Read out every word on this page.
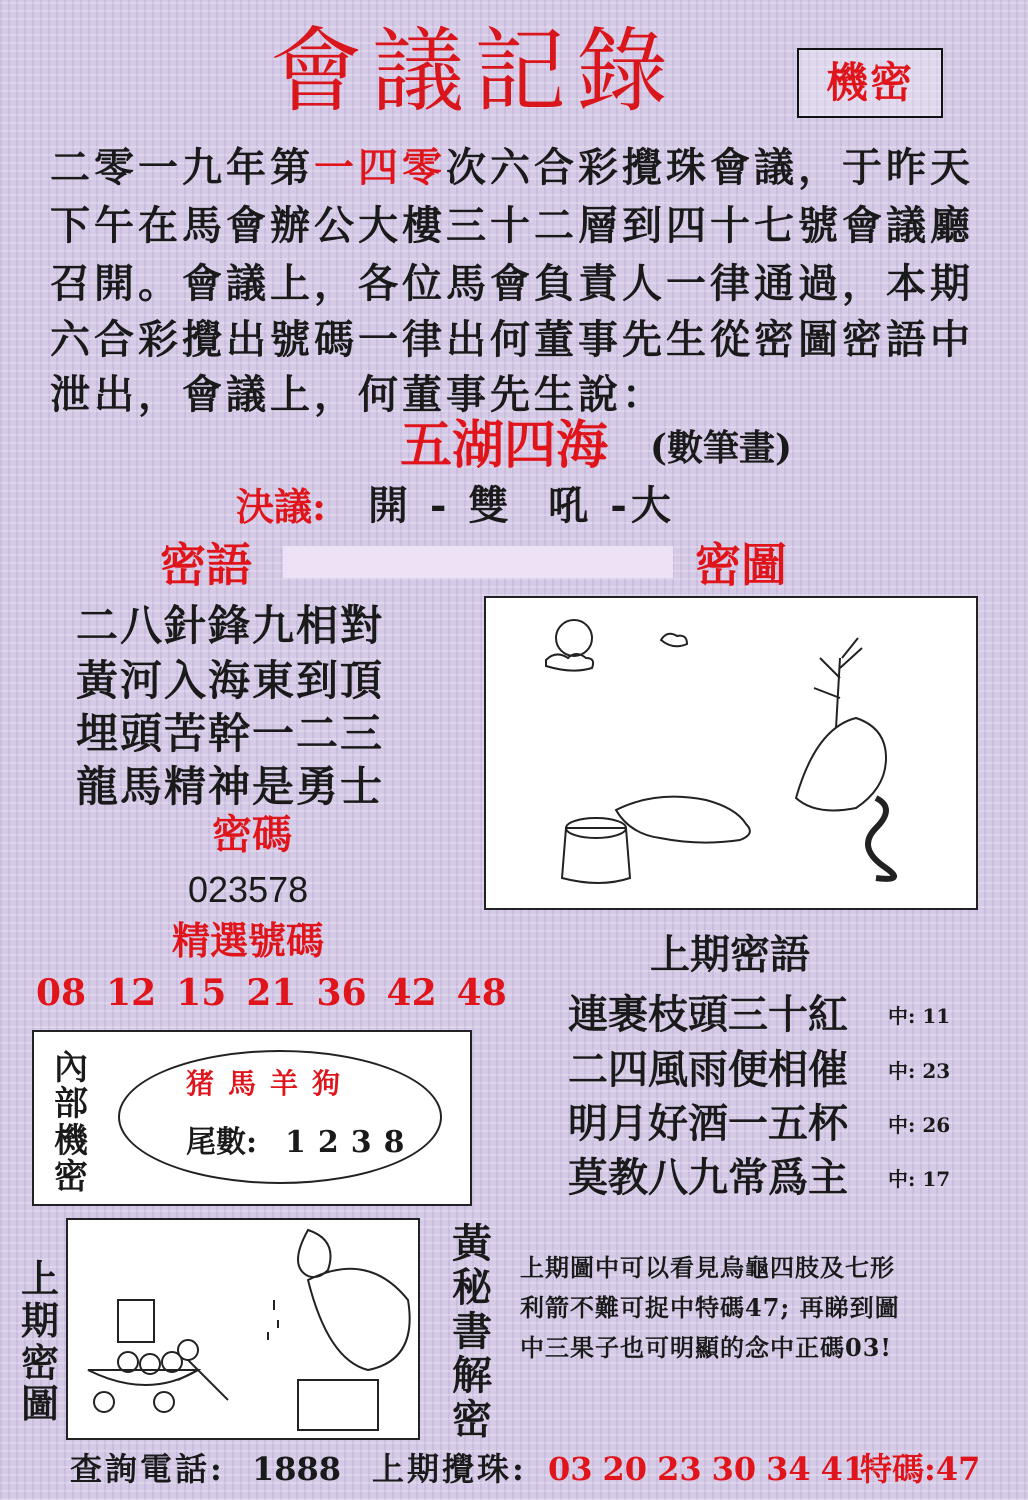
會議記錄	機密
二零一九年第一四零次六合彩攪珠會議，于昨天
下午在馬會辦公大樓三十二層到四十七號會議廳
召開。會議上，各位馬會負責人一律通過，本期
六合彩攪出號碼一律出何董事先生從密圖密語中
泄出，會議上，何董事先生說：
五湖四海 (數筆畫)
決議: 開 - 雙  吼 -大
密語	密圖
二八針鋒九相對
黃河入海東到頂
埋頭苦幹一二三
龍馬精神是勇士
密碼
023578
精選號碼
08 12 15 21 36 42 48
上期密語
連裹枝頭三十紅 中: 11
二四風雨便相催 中: 23
明月好酒一五杯 中: 26
莫教八九常爲主 中: 17
內部機密
猪馬羊狗
尾數: 1238
上期密圖
黃秘書解密
上期圖中可以看見烏龜四肢及七形
利箭不難可捉中特碼47; 再睇到圖
中三果子也可明顯的念中正碼03!
查詢電話: 1888 上期攪珠: 03 20 23 30 34 41
特碼:47
